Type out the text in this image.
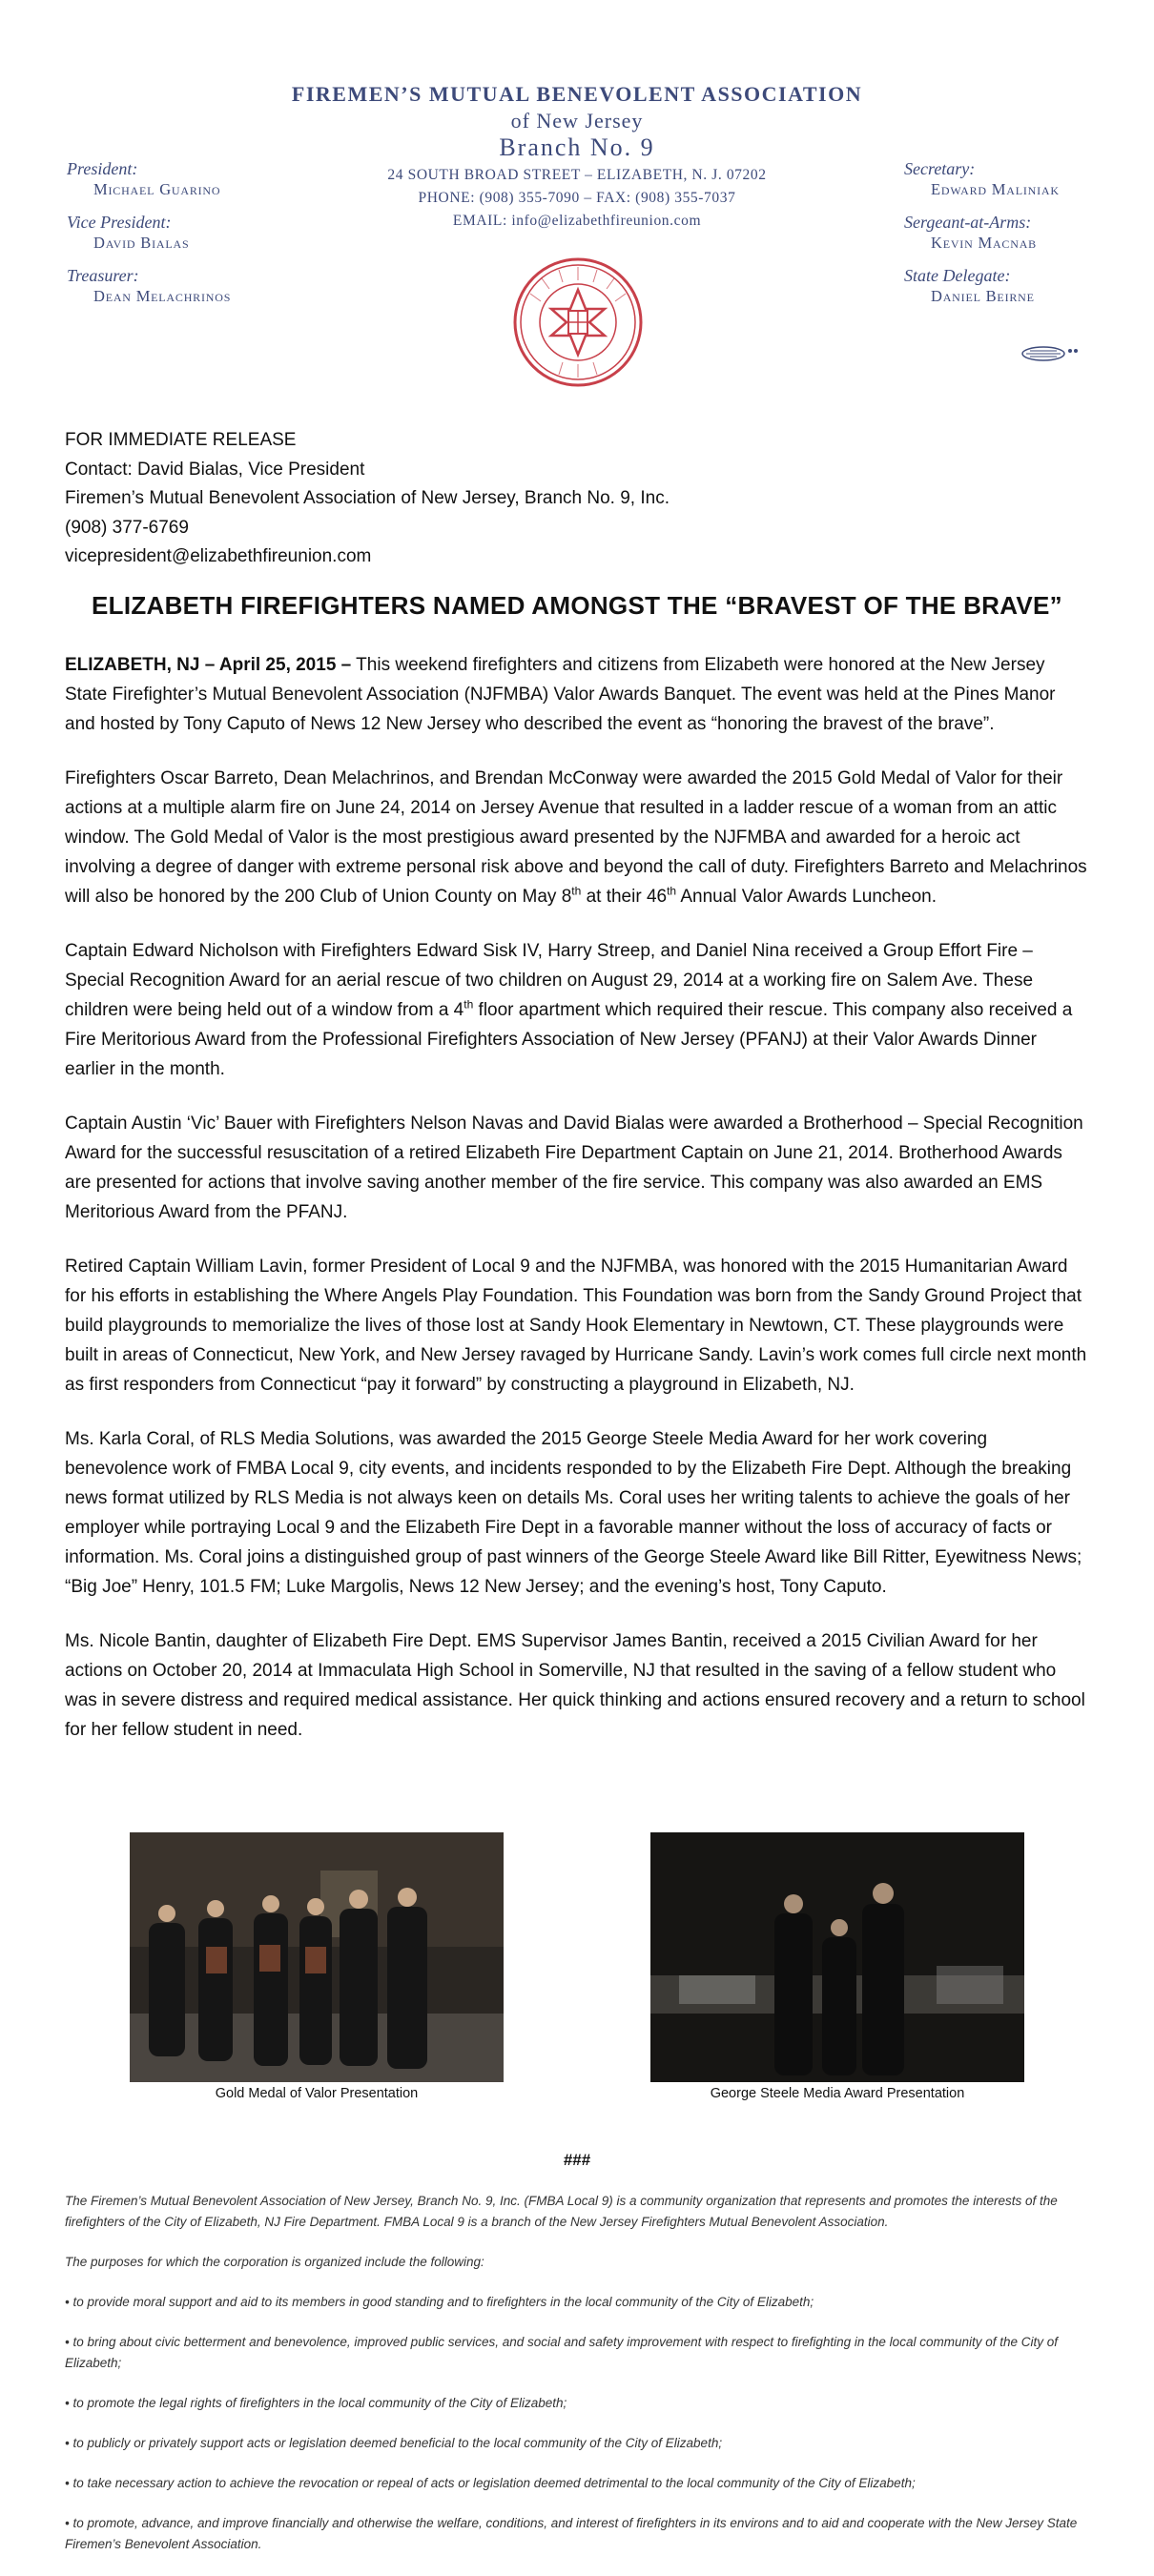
FIREMEN’S MUTUAL BENEVOLENT ASSOCIATION
of New Jersey
Branch No. 9
24 SOUTH BROAD STREET – ELIZABETH, N. J. 07202
PHONE: (908) 355-7090 – FAX: (908) 355-7037
EMAIL: info@elizabethfireunion.com
President:
Michael Guarino
Vice President:
David Bialas
Treasurer:
Dean Melachrinos
Secretary:
Edward Maliniak
Sergeant-at-Arms:
Kevin Macnab
State Delegate:
Daniel Beirne
FOR IMMEDIATE RELEASE
Contact: David Bialas, Vice President
Firemen’s Mutual Benevolent Association of New Jersey, Branch No. 9, Inc.
(908) 377-6769
vicepresident@elizabethfireunion.com
ELIZABETH FIREFIGHTERS NAMED AMONGST THE “BRAVEST OF THE BRAVE”

ELIZABETH, NJ – April 25, 2015 – This weekend firefighters and citizens from Elizabeth were honored at the New Jersey State Firefighter’s Mutual Benevolent Association (NJFMBA) Valor Awards Banquet. The event was held at the Pines Manor and hosted by Tony Caputo of News 12 New Jersey who described the event as “honoring the bravest of the brave”.

Firefighters Oscar Barreto, Dean Melachrinos, and Brendan McConway were awarded the 2015 Gold Medal of Valor for their actions at a multiple alarm fire on June 24, 2014 on Jersey Avenue that resulted in a ladder rescue of a woman from an attic window. The Gold Medal of Valor is the most prestigious award presented by the NJFMBA and awarded for a heroic act involving a degree of danger with extreme personal risk above and beyond the call of duty. Firefighters Barreto and Melachrinos will also be honored by the 200 Club of Union County on May 8th at their 46th Annual Valor Awards Luncheon.

Captain Edward Nicholson with Firefighters Edward Sisk IV, Harry Streep, and Daniel Nina received a Group Effort Fire – Special Recognition Award for an aerial rescue of two children on August 29, 2014 at a working fire on Salem Ave. These children were being held out of a window from a 4th floor apartment which required their rescue. This company also received a Fire Meritorious Award from the Professional Firefighters Association of New Jersey (PFANJ) at their Valor Awards Dinner earlier in the month.

Captain Austin ‘Vic’ Bauer with Firefighters Nelson Navas and David Bialas were awarded a Brotherhood – Special Recognition Award for the successful resuscitation of a retired Elizabeth Fire Department Captain on June 21, 2014. Brotherhood Awards are presented for actions that involve saving another member of the fire service. This company was also awarded an EMS Meritorious Award from the PFANJ.

Retired Captain William Lavin, former President of Local 9 and the NJFMBA, was honored with the 2015 Humanitarian Award for his efforts in establishing the Where Angels Play Foundation. This Foundation was born from the Sandy Ground Project that build playgrounds to memorialize the lives of those lost at Sandy Hook Elementary in Newtown, CT. These playgrounds were built in areas of Connecticut, New York, and New Jersey ravaged by Hurricane Sandy. Lavin’s work comes full circle next month as first responders from Connecticut “pay it forward” by constructing a playground in Elizabeth, NJ.

Ms. Karla Coral, of RLS Media Solutions, was awarded the 2015 George Steele Media Award for her work covering benevolence work of FMBA Local 9, city events, and incidents responded to by the Elizabeth Fire Dept. Although the breaking news format utilized by RLS Media is not always keen on details Ms. Coral uses her writing talents to achieve the goals of her employer while portraying Local 9 and the Elizabeth Fire Dept in a favorable manner without the loss of accuracy of facts or information. Ms. Coral joins a distinguished group of past winners of the George Steele Award like Bill Ritter, Eyewitness News; “Big Joe” Henry, 101.5 FM; Luke Margolis, News 12 New Jersey; and the evening’s host, Tony Caputo.

Ms. Nicole Bantin, daughter of Elizabeth Fire Dept. EMS Supervisor James Bantin, received a 2015 Civilian Award for her actions on October 20, 2014 at Immaculata High School in Somerville, NJ that resulted in the saving of a fellow student who was in severe distress and required medical assistance. Her quick thinking and actions ensured recovery and a return to school for her fellow student in need.

Gold Medal of Valor Presentation	George Steele Media Award Presentation
###

The Firemen’s Mutual Benevolent Association of New Jersey, Branch No. 9, Inc. (FMBA Local 9) is a community organization that represents and promotes the interests of the firefighters of the City of Elizabeth, NJ Fire Department. FMBA Local 9 is a branch of the New Jersey Firefighters Mutual Benevolent Association.

The purposes for which the corporation is organized include the following:

• to provide moral support and aid to its members in good standing and to firefighters in the local community of the City of Elizabeth;

• to bring about civic betterment and benevolence, improved public services, and social and safety improvement with respect to firefighting in the local community of the City of Elizabeth;

• to promote the legal rights of firefighters in the local community of the City of Elizabeth;

• to publicly or privately support acts or legislation deemed beneficial to the local community of the City of Elizabeth;

• to take necessary action to achieve the revocation or repeal of acts or legislation deemed detrimental to the local community of the City of Elizabeth;

• to promote, advance, and improve financially and otherwise the welfare, conditions, and interest of firefighters in its environs and to aid and cooperate with the New Jersey State Firemen’s Benevolent Association.
